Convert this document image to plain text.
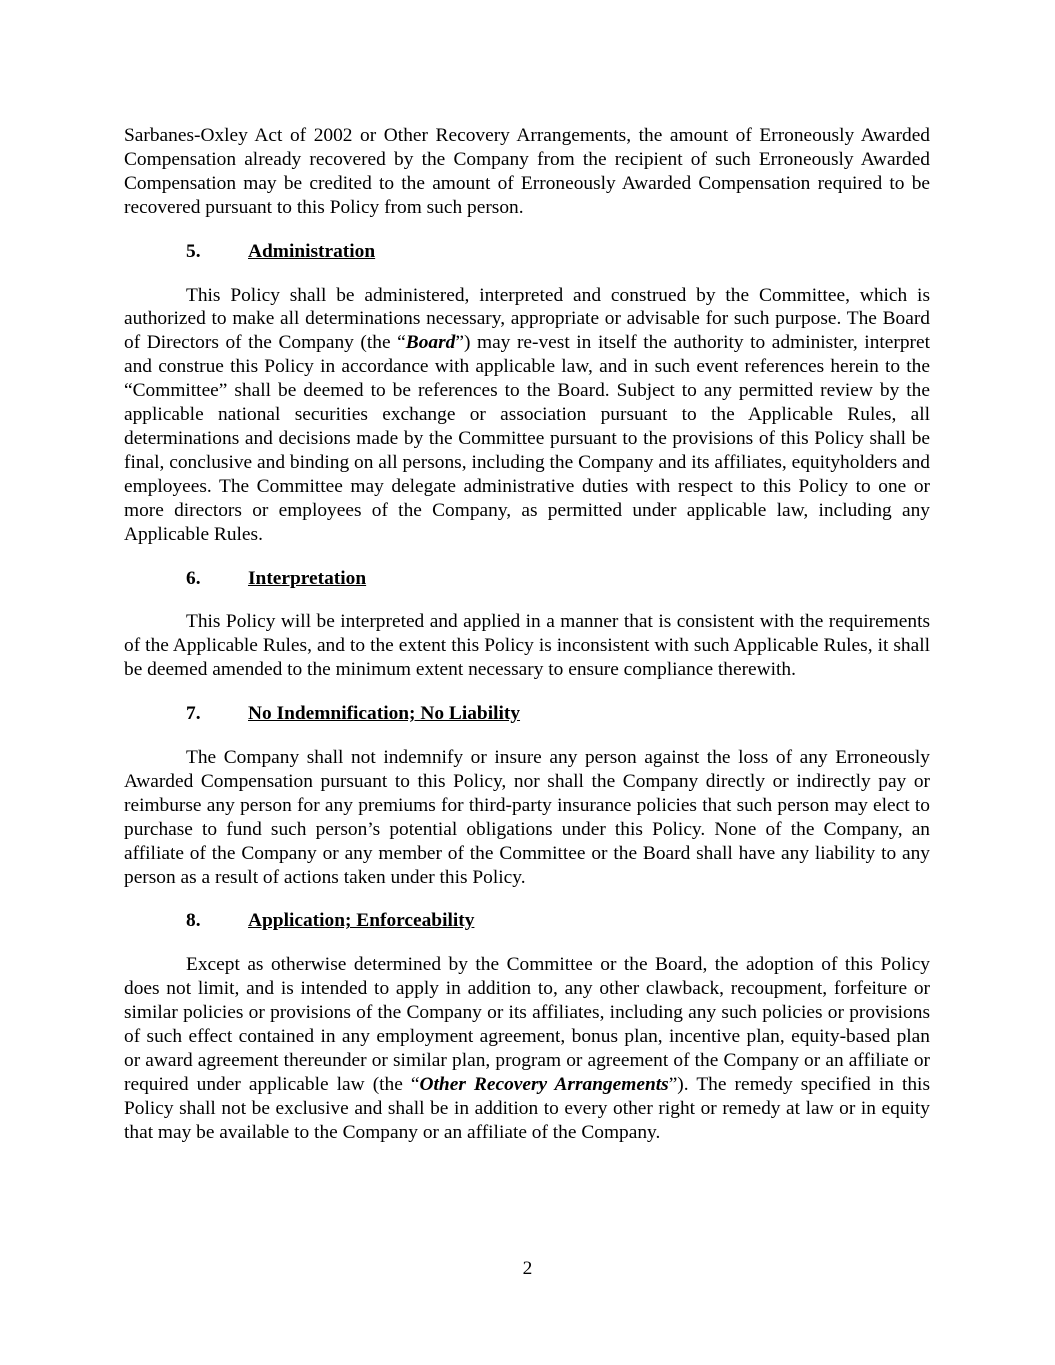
Sarbanes-Oxley Act of 2002 or Other Recovery Arrangements, the amount of Erroneously Awarded Compensation already recovered by the Company from the recipient of such Erroneously Awarded Compensation may be credited to the amount of Erroneously Awarded Compensation required to be recovered pursuant to this Policy from such person.

5. Administration

This Policy shall be administered, interpreted and construed by the Committee, which is authorized to make all determinations necessary, appropriate or advisable for such purpose. The Board of Directors of the Company (the “Board”) may re-vest in itself the authority to administer, interpret and construe this Policy in accordance with applicable law, and in such event references herein to the “Committee” shall be deemed to be references to the Board. Subject to any permitted review by the applicable national securities exchange or association pursuant to the Applicable Rules, all determinations and decisions made by the Committee pursuant to the provisions of this Policy shall be final, conclusive and binding on all persons, including the Company and its affiliates, equityholders and employees. The Committee may delegate administrative duties with respect to this Policy to one or more directors or employees of the Company, as permitted under applicable law, including any Applicable Rules.

6. Interpretation

This Policy will be interpreted and applied in a manner that is consistent with the requirements of the Applicable Rules, and to the extent this Policy is inconsistent with such Applicable Rules, it shall be deemed amended to the minimum extent necessary to ensure compliance therewith.

7. No Indemnification; No Liability

The Company shall not indemnify or insure any person against the loss of any Erroneously Awarded Compensation pursuant to this Policy, nor shall the Company directly or indirectly pay or reimburse any person for any premiums for third-party insurance policies that such person may elect to purchase to fund such person’s potential obligations under this Policy. None of the Company, an affiliate of the Company or any member of the Committee or the Board shall have any liability to any person as a result of actions taken under this Policy.

8. Application; Enforceability

Except as otherwise determined by the Committee or the Board, the adoption of this Policy does not limit, and is intended to apply in addition to, any other clawback, recoupment, forfeiture or similar policies or provisions of the Company or its affiliates, including any such policies or provisions of such effect contained in any employment agreement, bonus plan, incentive plan, equity-based plan or award agreement thereunder or similar plan, program or agreement of the Company or an affiliate or required under applicable law (the “Other Recovery Arrangements”). The remedy specified in this Policy shall not be exclusive and shall be in addition to every other right or remedy at law or in equity that may be available to the Company or an affiliate of the Company.

2
